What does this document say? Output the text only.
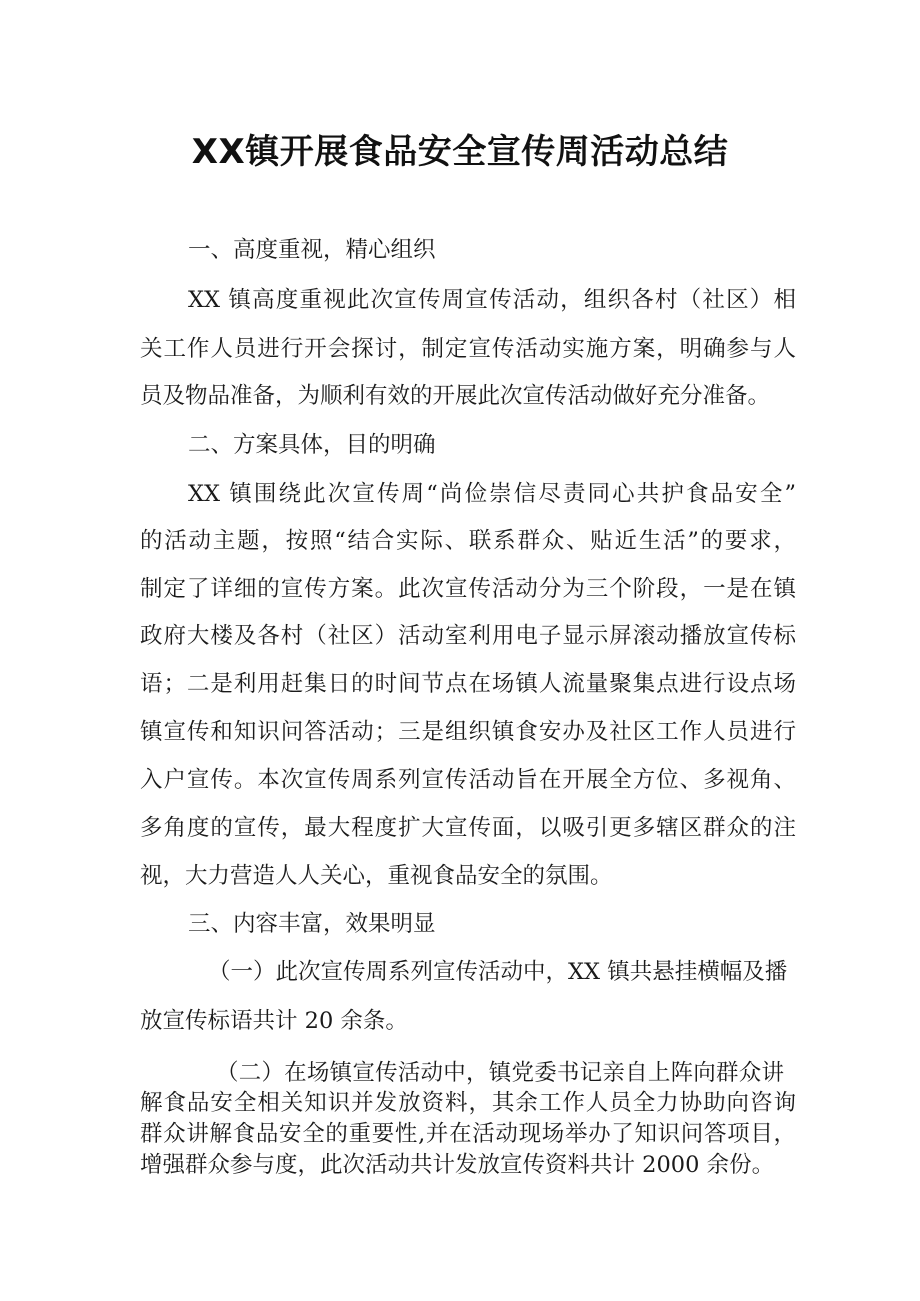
XX镇开展食品安全宣传周活动总结

一、高度重视，精心组织

XX 镇高度重视此次宣传周宣传活动，组织各村（社区）相

关工作人员进行开会探讨，制定宣传活动实施方案，明确参与人

员及物品准备，为顺利有效的开展此次宣传活动做好充分准备。

二、方案具体，目的明确

XX 镇围绕此次宣传周“尚俭崇信尽责同心共护食品安全”

的活动主题，按照“结合实际、联系群众、贴近生活”的要求，

制定了详细的宣传方案。此次宣传活动分为三个阶段，一是在镇

政府大楼及各村（社区）活动室利用电子显示屏滚动播放宣传标

语；二是利用赶集日的时间节点在场镇人流量聚集点进行设点场

镇宣传和知识问答活动；三是组织镇食安办及社区工作人员进行

入户宣传。本次宣传周系列宣传活动旨在开展全方位、多视角、

多角度的宣传，最大程度扩大宣传面，以吸引更多辖区群众的注

视，大力营造人人关心，重视食品安全的氛围。

三、内容丰富，效果明显

（一）此次宣传周系列宣传活动中，XX 镇共悬挂横幅及播

放宣传标语共计 20 余条。

（二）在场镇宣传活动中，镇党委书记亲自上阵向群众讲

解食品安全相关知识并发放资料，其余工作人员全力协助向咨询

群众讲解食品安全的重要性,并在活动现场举办了知识问答项目，

增强群众参与度，此次活动共计发放宣传资料共计 2000 余份。
